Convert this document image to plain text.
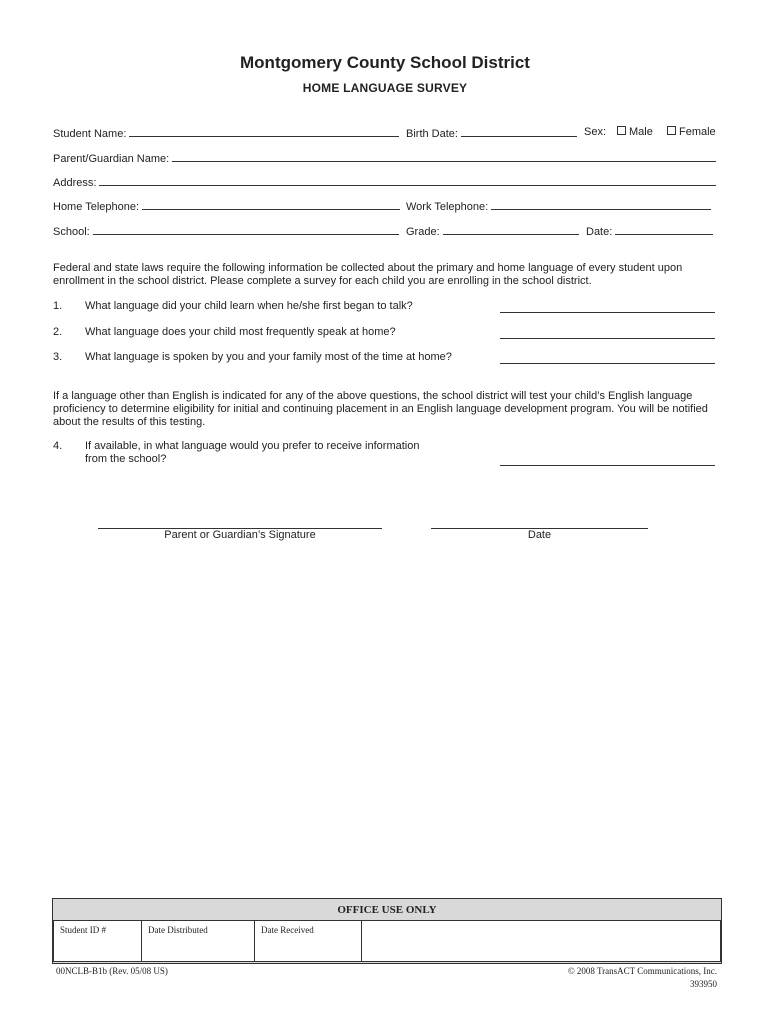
Montgomery County School District
HOME LANGUAGE SURVEY
Student Name:	Birth Date:	Sex:	Male	Female
Parent/Guardian Name:
Address:
Home Telephone:	Work Telephone:
School:	Grade:	Date:
Federal and state laws require the following information be collected about the primary and home language of every student upon enrollment in the school district. Please complete a survey for each child you are enrolling in the school district.
1. What language did your child learn when he/she first began to talk?
2. What language does your child most frequently speak at home?
3. What language is spoken by you and your family most of the time at home?
If a language other than English is indicated for any of the above questions, the school district will test your child’s English language proficiency to determine eligibility for initial and continuing placement in an English language development program. You will be notified about the results of this testing.
4. If available, in what language would you prefer to receive information
from the school?
Parent or Guardian’s Signature	Date
OFFICE USE ONLY
Student ID #	Date Distributed	Date Received
00NCLB-B1b (Rev. 05/08 US)	© 2008 TransACT Communications, Inc.
393950
